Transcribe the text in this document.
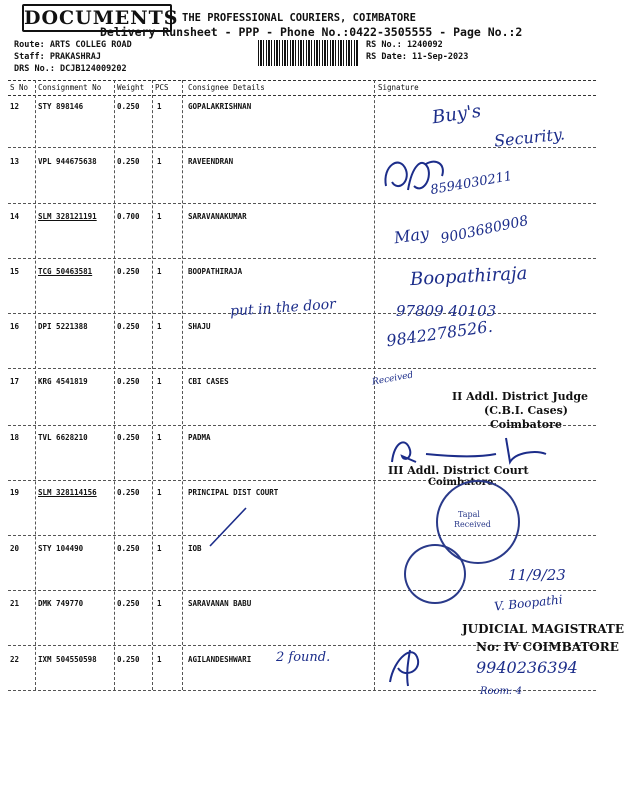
DOCUMENTS THE PROFESSIONAL COURIERS, COIMBATORE
Delivery Runsheet - PPP - Phone No.:0422-3505555 - Page No.:2
Route: ARTS COLLEG ROAD
Staff: PRAKASHRAJ
DRS No.: DCJB124009202
RS No.: 1240092
RS Date: 11-Sep-2023
S No Consignment No Weight PCS	Consignee Details	Signature
12	STY 898146	0.250 1	GOPALAKRISHNAN
13	VPL 944675638	0.250 1	RAVEENDRAN
14	SLM 328121191	0.700 1	SARAVANAKUMAR
15	TCG 50463581	0.250 1	BOOPATHIRAJA
16	DPI 5221388	0.250 1	SHAJU
17	KRG 4541819	0.250 1	CBI CASES
18	TVL 6628210	0.250 1	PADMA
19	SLM 328114156	0.250 1	PRINCIPAL DIST COURT
20	STY 104490	0.250 1	IOB
21	DMK 749770	0.250 1	SARAVANAN BABU
22	IXM 504550598	0.250 1	AGILANDESHWARI
Buy's
Security.
8594030211
May 9003680908
Boopathiraja
put in the door	97809 40103
9842278526.
Received
II Addl. District Judge
(C.B.I. Cases)
Coimbatore
III Addl. District Court
Coimbatore.
Tapal
Received
11/9/23
V. Boopathi
JUDICIAL MAGISTRATE
No: IV COIMBATORE
2 found.
9940236394
Room: 4
